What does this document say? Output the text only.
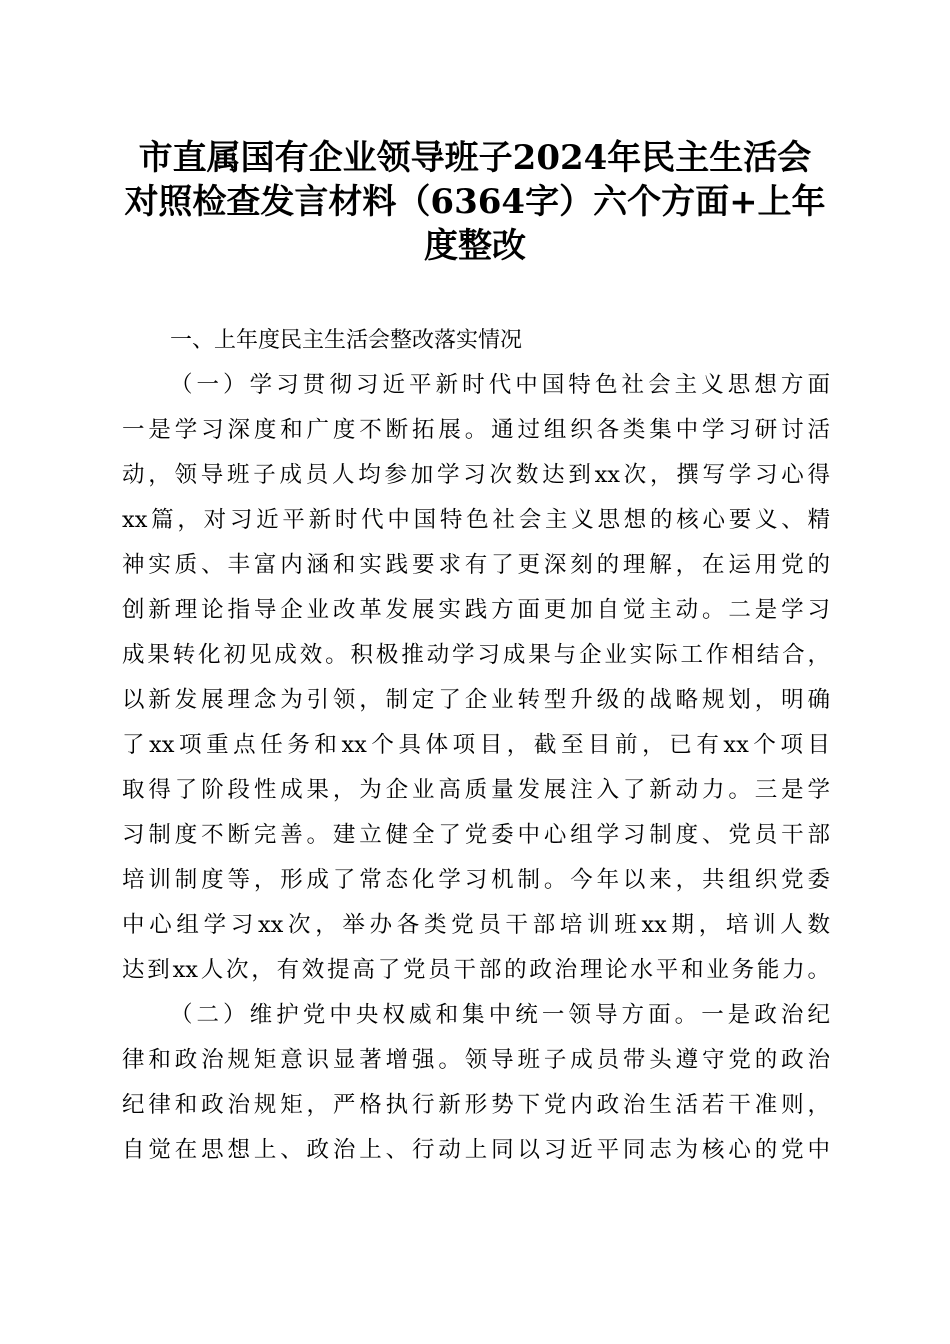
市直属国有企业领导班子2024年民主生活会
对照检查发言材料（6364字）六个方面+上年
度整改
一、上年度民主生活会整改落实情况
（一）学习贯彻习近平新时代中国特色社会主义思想方面
一是学习深度和广度不断拓展。通过组织各类集中学习研讨活
动，领导班子成员人均参加学习次数达到xx次，撰写学习心得
xx篇，对习近平新时代中国特色社会主义思想的核心要义、精
神实质、丰富内涵和实践要求有了更深刻的理解，在运用党的
创新理论指导企业改革发展实践方面更加自觉主动。二是学习
成果转化初见成效。积极推动学习成果与企业实际工作相结合，
以新发展理念为引领，制定了企业转型升级的战略规划，明确
了xx项重点任务和xx个具体项目，截至目前，已有xx个项目
取得了阶段性成果，为企业高质量发展注入了新动力。三是学
习制度不断完善。建立健全了党委中心组学习制度、党员干部
培训制度等，形成了常态化学习机制。今年以来，共组织党委
中心组学习xx次，举办各类党员干部培训班xx期，培训人数
达到xx人次，有效提高了党员干部的政治理论水平和业务能力。
（二）维护党中央权威和集中统一领导方面。一是政治纪
律和政治规矩意识显著增强。领导班子成员带头遵守党的政治
纪律和政治规矩，严格执行新形势下党内政治生活若干准则，
自觉在思想上、政治上、行动上同以习近平同志为核心的党中
